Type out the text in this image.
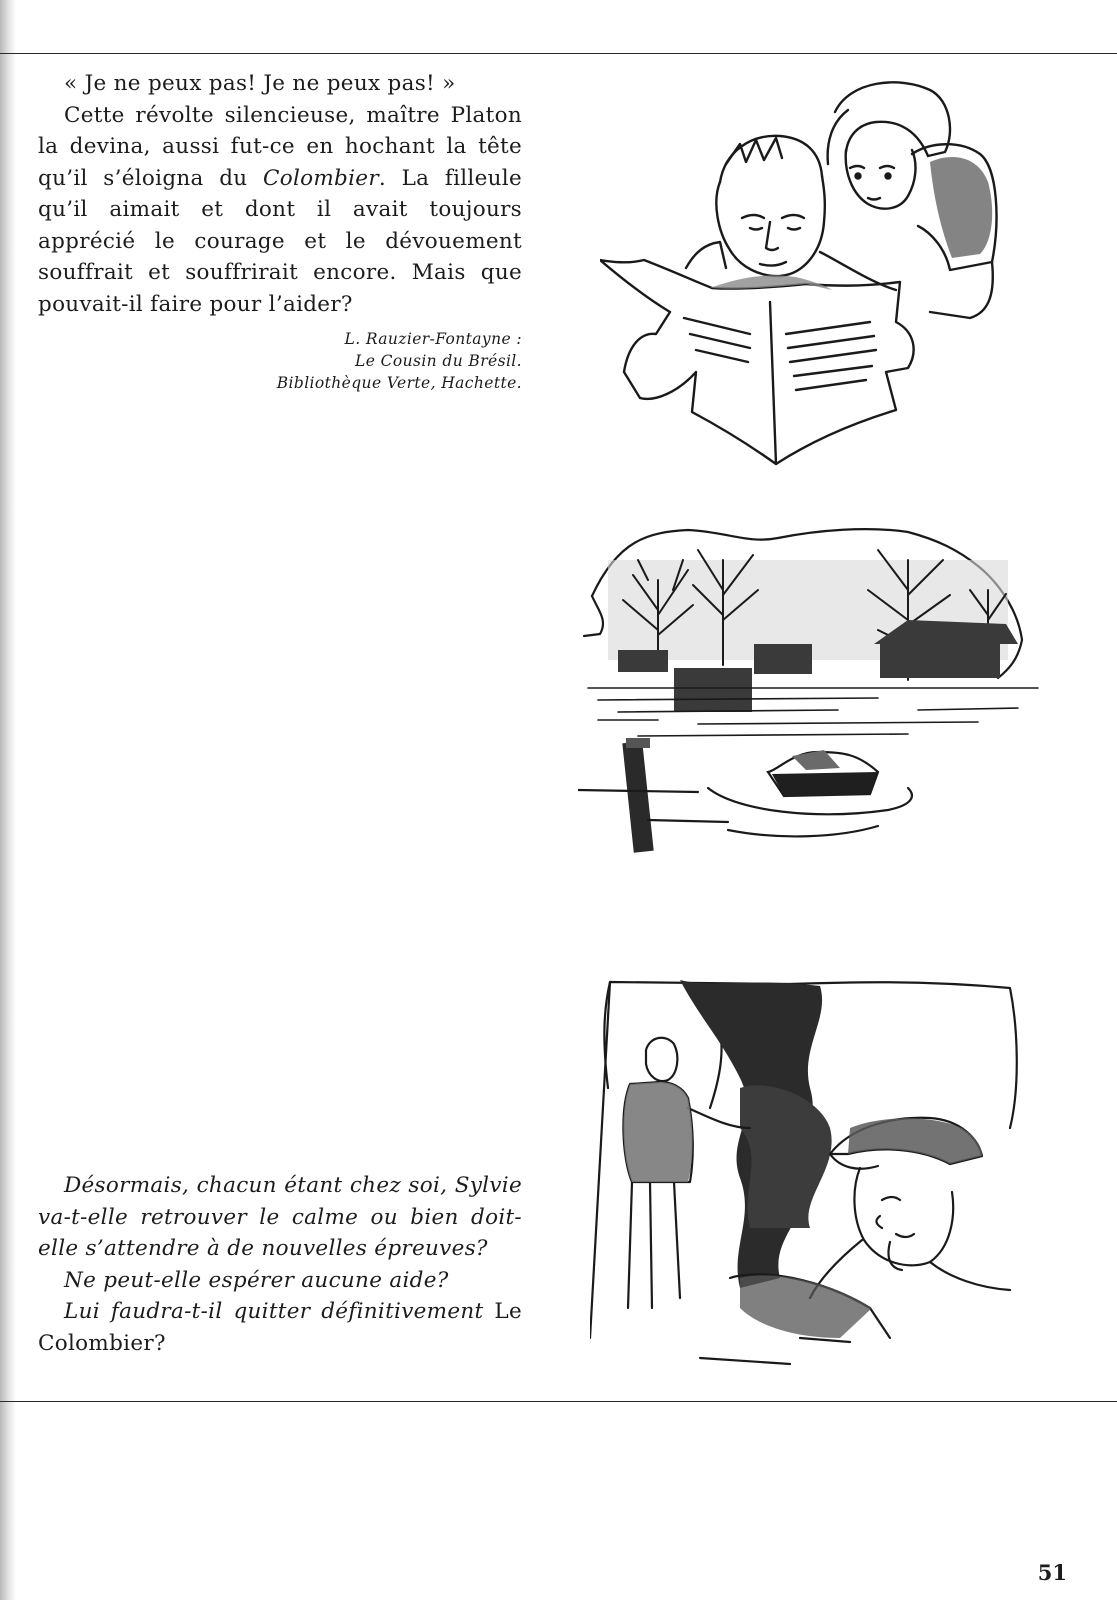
« Je ne peux pas! Je ne peux pas! »

Cette révolte silencieuse, maître Platon la devina, aussi fut-ce en hochant la tête qu’il s’éloigna du Colombier. La filleule qu’il aimait et dont il avait toujours apprécié le courage et le dévouement souffrait et souffrirait encore. Mais que pouvait-il faire pour l’aider?

L. Rauzier-Fontayne :
Le Cousin du Brésil.
Bibliothèque Verte, Hachette.

Désormais, chacun étant chez soi, Sylvie va-t-elle retrouver le calme ou bien doit-elle s’attendre à de nouvelles épreuves?

Ne peut-elle espérer aucune aide?

Lui faudra-t-il quitter définitivement Le Colombier?

51
